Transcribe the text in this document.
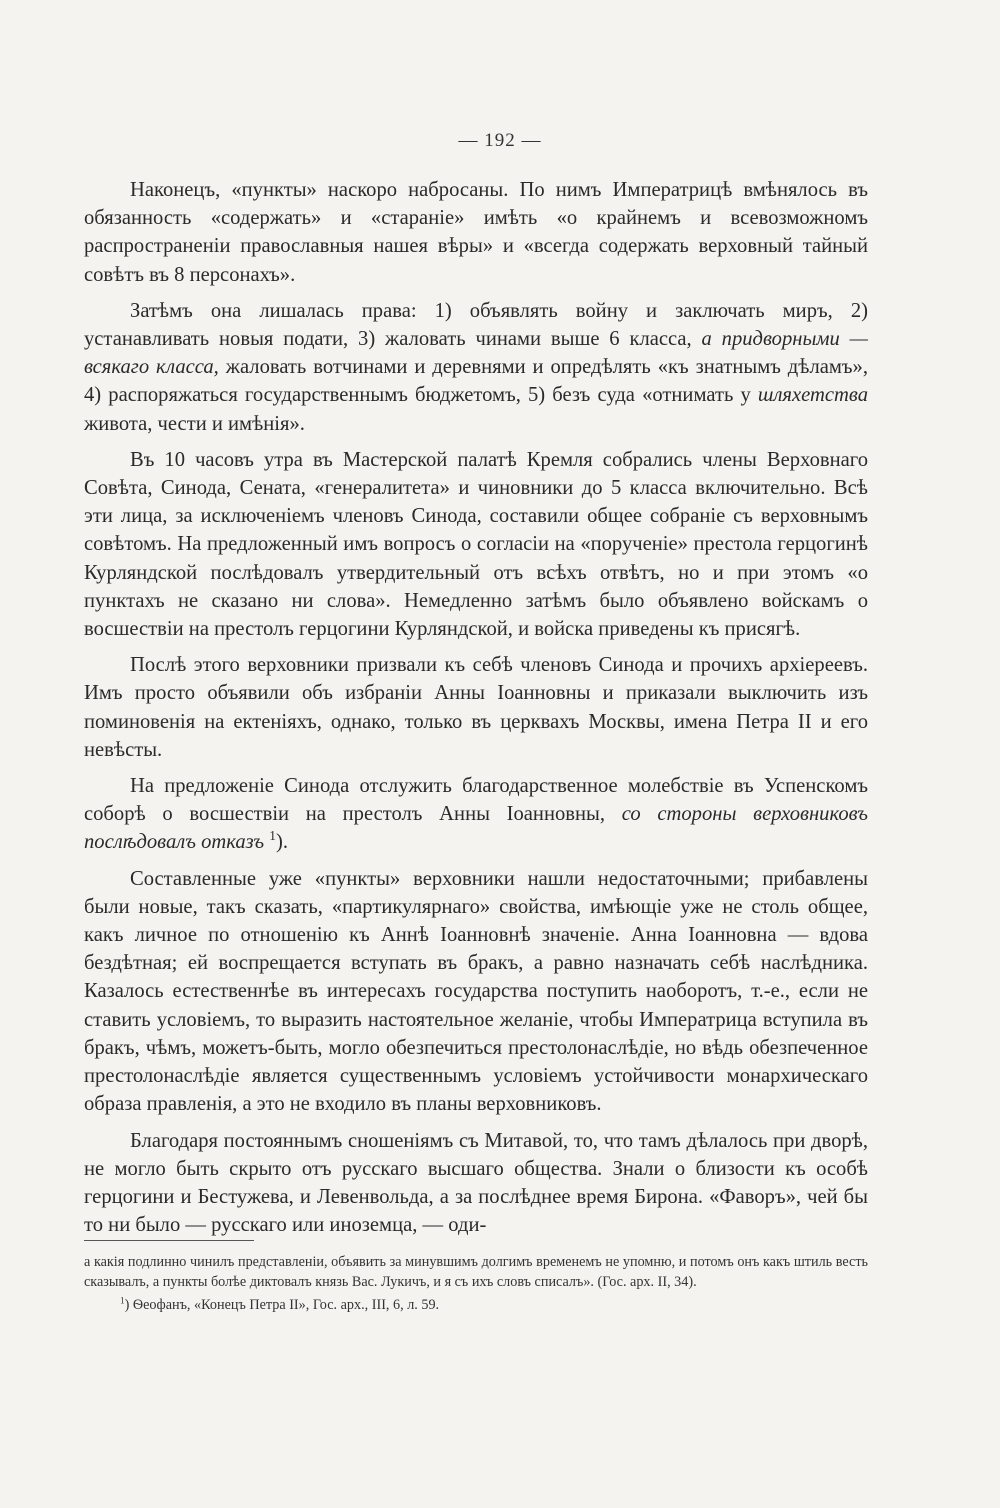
— 192 —

Наконецъ, «пункты» наскоро набросаны. По нимъ Императрицѣ вмѣнялось въ обязанность «содержать» и «стараніе» имѣть «о крайнемъ и всевозможномъ распространеніи православныя нашея вѣры» и «всегда содержать верховный тайный совѣтъ въ 8 персонахъ».

Затѣмъ она лишалась права: 1) объявлять войну и заключать миръ, 2) устанавливать новыя подати, 3) жаловать чинами выше 6 класса, а придворными — всякаго класса, жаловать вотчинами и деревнями и опредѣлять «къ знатнымъ дѣламъ», 4) распоряжаться государственнымъ бюджетомъ, 5) безъ суда «отнимать у шляхетства живота, чести и имѣнія».

Въ 10 часовъ утра въ Мастерской палатѣ Кремля собрались члены Верховнаго Совѣта, Синода, Сената, «генералитета» и чиновники до 5 класса включительно. Всѣ эти лица, за исключеніемъ членовъ Синода, составили общее собраніе съ верховнымъ совѣтомъ. На предложенный имъ вопросъ о согласіи на «порученіе» престола герцогинѣ Курляндской послѣдовалъ утвердительный отъ всѣхъ отвѣтъ, но и при этомъ «о пунктахъ не сказано ни слова». Немедленно затѣмъ было объявлено войскамъ о восшествіи на престолъ герцогини Курляндской, и войска приведены къ присягѣ.

Послѣ этого верховники призвали къ себѣ членовъ Синода и прочихъ архіереевъ. Имъ просто объявили объ избраніи Анны Іоанновны и приказали выключить изъ поминовенія на ектеніяхъ, однако, только въ церквахъ Москвы, имена Петра II и его невѣсты.

На предложеніе Синода отслужить благодарственное молебствіе въ Успенскомъ соборѣ о восшествіи на престолъ Анны Іоанновны, со стороны верховниковъ послѣдовалъ отказъ $^1$).

Составленные уже «пункты» верховники нашли недостаточными; прибавлены были новые, такъ сказать, «партикулярнаго» свойства, имѣющіе уже не столь общее, какъ личное по отношенію къ Аннѣ Іоанновнѣ значеніе. Анна Іоанновна — вдова бездѣтная; ей воспрещается вступать въ бракъ, а равно назначать себѣ наслѣдника. Казалось естественнѣе въ интересахъ государства поступить наоборотъ, т.-е., если не ставить условіемъ, то выразить настоятельное желаніе, чтобы Императрица вступила въ бракъ, чѣмъ, можетъ-быть, могло обезпечиться престолонаслѣдіе, но вѣдь обезпеченное престолонаслѣдіе является существеннымъ условіемъ устойчивости монархическаго образа правленія, а это не входило въ планы верховниковъ.

Благодаря постояннымъ сношеніямъ съ Митавой, то, что тамъ дѣлалось при дворѣ, не могло быть скрыто отъ русскаго высшаго общества. Знали о близости къ особѣ герцогини и Бестужева, и Левенвольда, а за послѣднее время Бирона. «Фаворъ», чей бы то ни было — русскаго или иноземца, — оди-

а какія подлинно чинилъ представленіи, объявить за минувшимъ долгимъ временемъ не упомню, и потомъ онъ какъ штиль весть сказывалъ, а пункты болѣе диктовалъ князь Вас. Лукичъ, и я съ ихъ словъ списалъ». (Гос. арх. II, 34).

$^1$) Ѳеофанъ, «Конецъ Петра II», Гос. арх., III, 6, л. 59.
